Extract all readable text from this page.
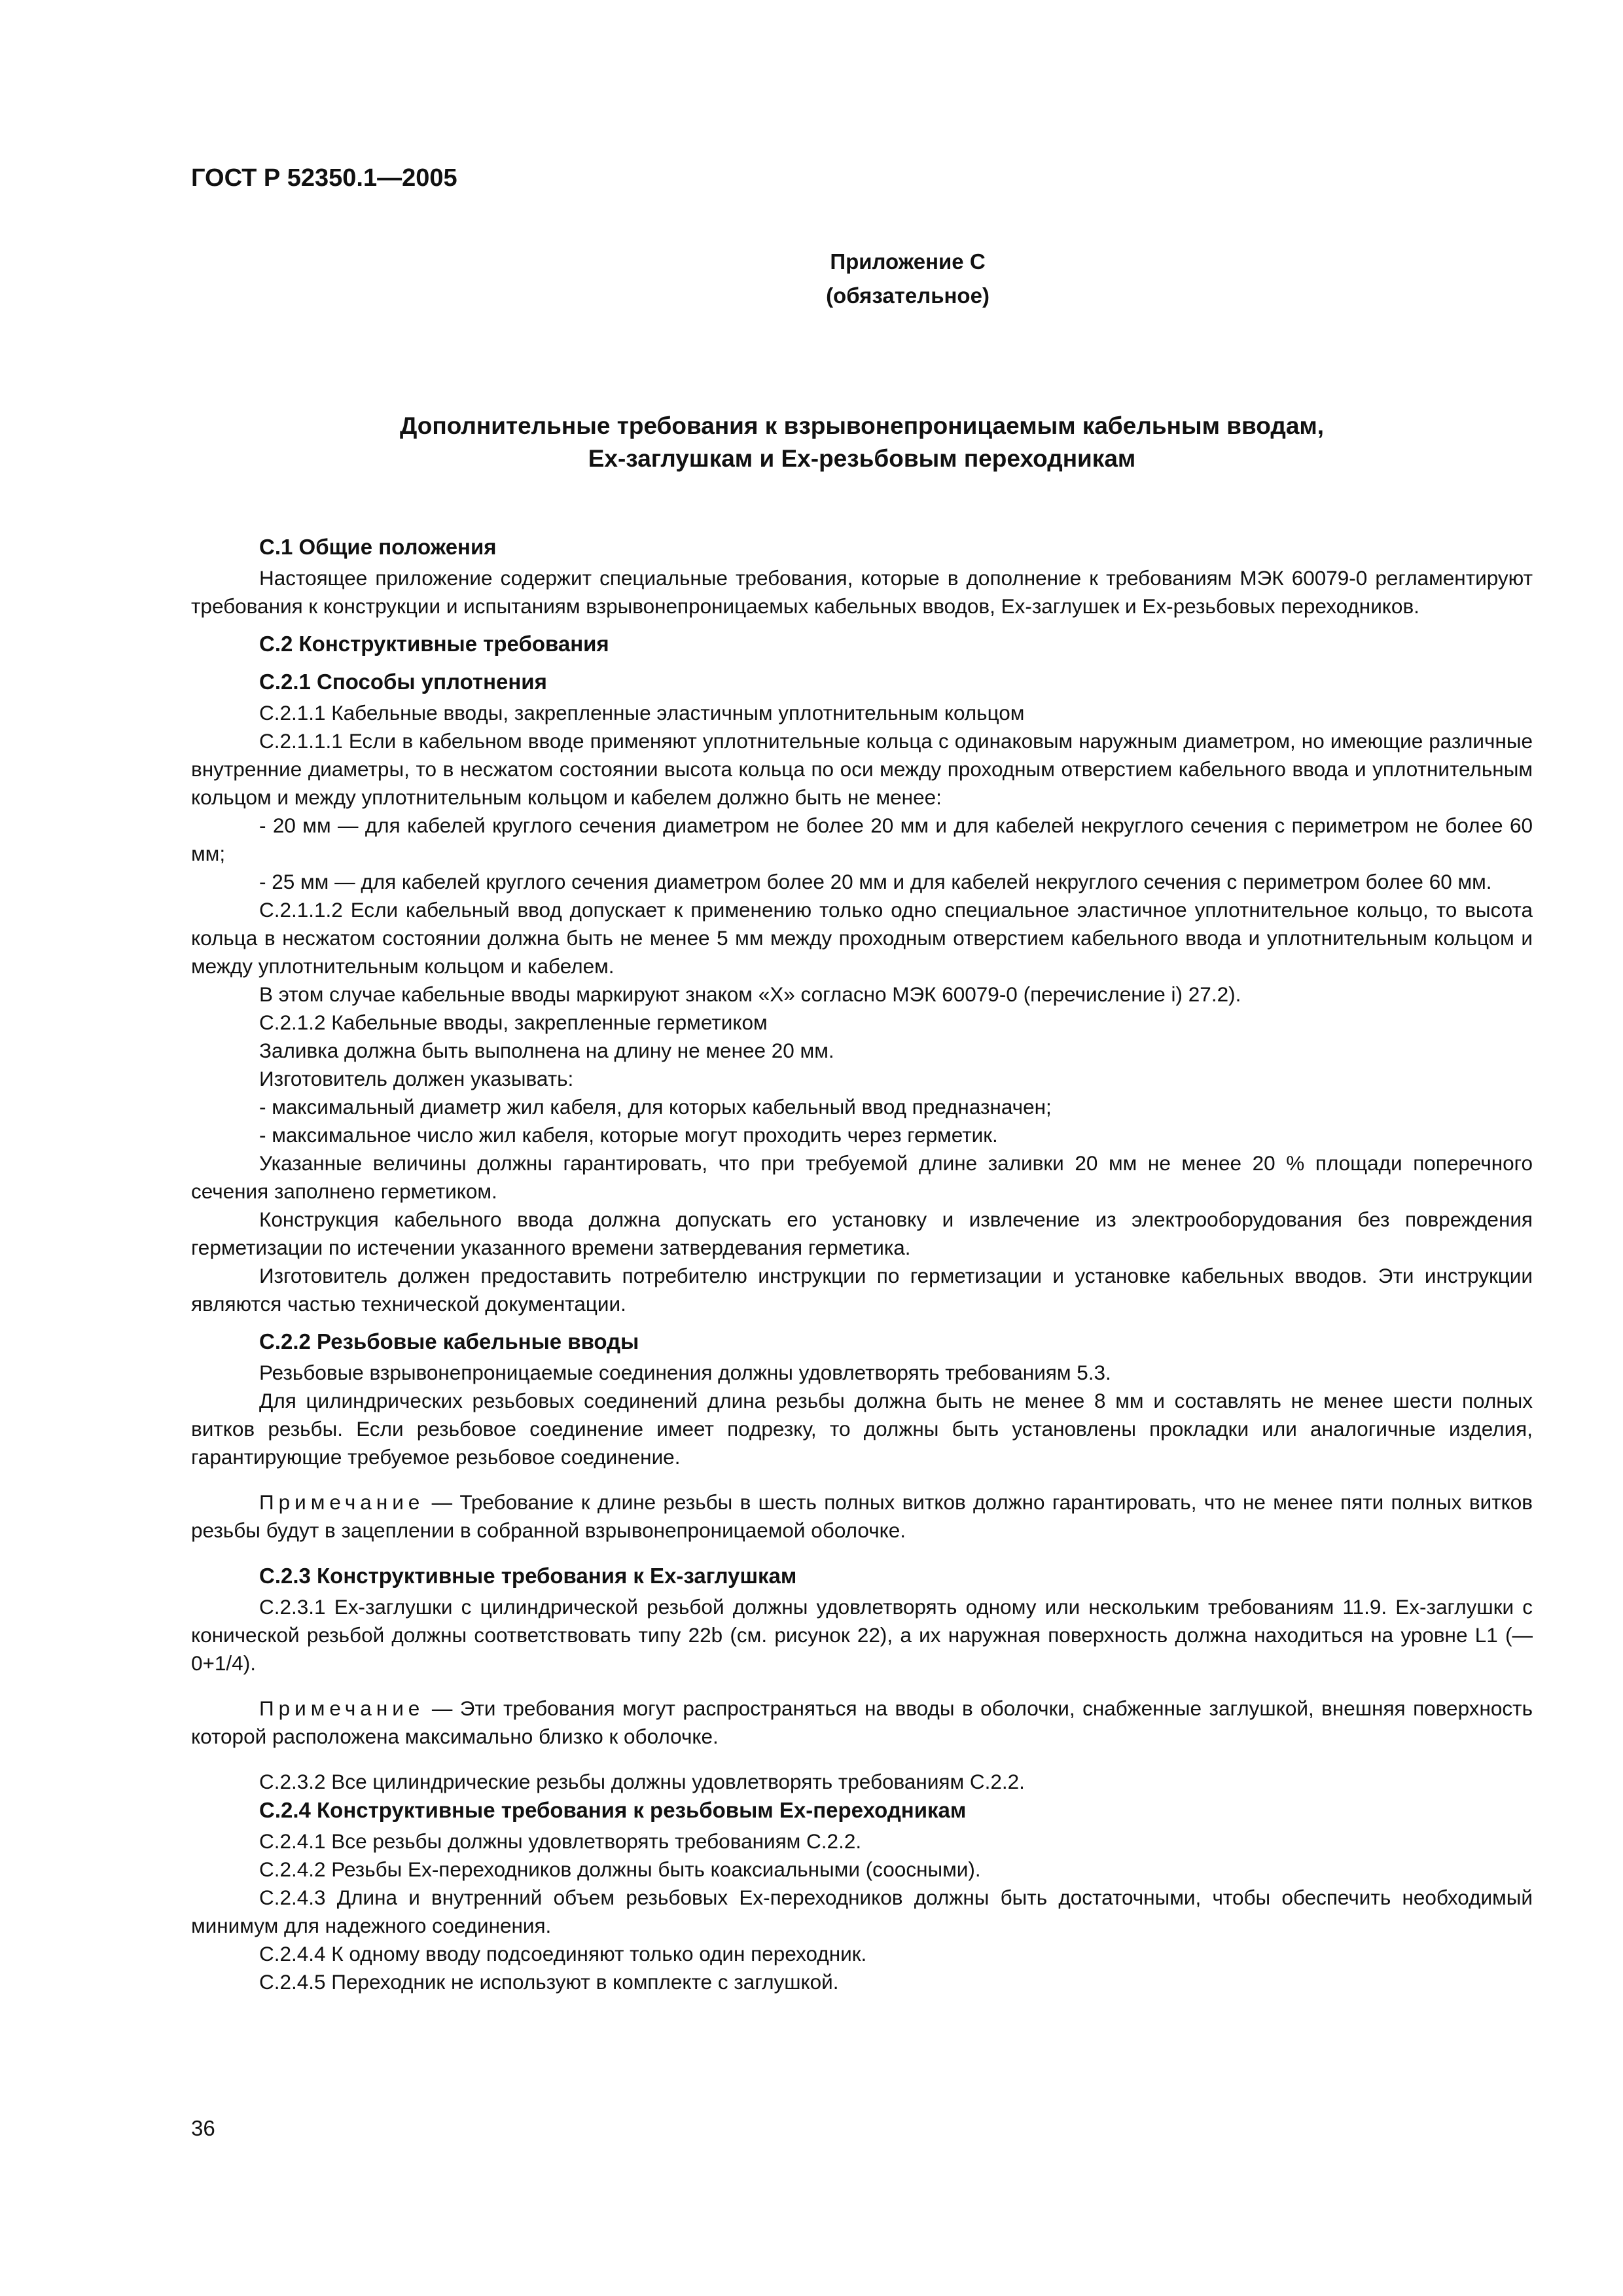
ГОСТ Р 52350.1—2005
Приложение С
(обязательное)
Дополнительные требования к взрывонепроницаемым кабельным вводам,
Ex-заглушкам и Ex-резьбовым переходникам
С.1 Общие положения

Настоящее приложение содержит специальные требования, которые в дополнение к требованиям МЭК 60079-0 регламентируют требования к конструкции и испытаниям взрывонепроницаемых кабельных вводов, Ex-заглушек и Ex-резьбовых переходников.

С.2 Конструктивные требования
С.2.1 Способы уплотнения

С.2.1.1 Кабельные вводы, закрепленные эластичным уплотнительным кольцом

С.2.1.1.1 Если в кабельном вводе применяют уплотнительные кольца с одинаковым наружным диаметром, но имеющие различные внутренние диаметры, то в несжатом состоянии высота кольца по оси между проходным отверстием кабельного ввода и уплотнительным кольцом и между уплотнительным кольцом и кабелем должно быть не менее:

- 20 мм — для кабелей круглого сечения диаметром не более 20 мм и для кабелей некруглого сечения с периметром не более 60 мм;

- 25 мм — для кабелей круглого сечения диаметром более 20 мм и для кабелей некруглого сечения с периметром более 60 мм.

С.2.1.1.2 Если кабельный ввод допускает к применению только одно специальное эластичное уплотнительное кольцо, то высота кольца в несжатом состоянии должна быть не менее 5 мм между проходным отверстием кабельного ввода и уплотнительным кольцом и между уплотнительным кольцом и кабелем.

В этом случае кабельные вводы маркируют знаком «X» согласно МЭК 60079-0 (перечисление i) 27.2).

С.2.1.2 Кабельные вводы, закрепленные герметиком

Заливка должна быть выполнена на длину не менее 20 мм.

Изготовитель должен указывать:

- максимальный диаметр жил кабеля, для которых кабельный ввод предназначен;

- максимальное число жил кабеля, которые могут проходить через герметик.

Указанные величины должны гарантировать, что при требуемой длине заливки 20 мм не менее 20 % площади поперечного сечения заполнено герметиком.

Конструкция кабельного ввода должна допускать его установку и извлечение из электрооборудования без повреждения герметизации по истечении указанного времени затвердевания герметика.

Изготовитель должен предоставить потребителю инструкции по герметизации и установке кабельных вводов. Эти инструкции являются частью технической документации.

С.2.2 Резьбовые кабельные вводы

Резьбовые взрывонепроницаемые соединения должны удовлетворять требованиям 5.3.

Для цилиндрических резьбовых соединений длина резьбы должна быть не менее 8 мм и составлять не менее шести полных витков резьбы. Если резьбовое соединение имеет подрезку, то должны быть установлены прокладки или аналогичные изделия, гарантирующие требуемое резьбовое соединение.

Примечание — Требование к длине резьбы в шесть полных витков должно гарантировать, что не менее пяти полных витков резьбы будут в зацеплении в собранной взрывонепроницаемой оболочке.

С.2.3 Конструктивные требования к Ex-заглушкам

С.2.3.1 Ex-заглушки с цилиндрической резьбой должны удовлетворять одному или нескольким требованиям 11.9. Ex-заглушки с конической резьбой должны соответствовать типу 22b (см. рисунок 22), а их наружная поверхность должна находиться на уровне L1 (—0+1/4).

Примечание — Эти требования могут распространяться на вводы в оболочки, снабженные заглушкой, внешняя поверхность которой расположена максимально близко к оболочке.

С.2.3.2 Все цилиндрические резьбы должны удовлетворять требованиям С.2.2.

С.2.4 Конструктивные требования к резьбовым Ex-переходникам

С.2.4.1 Все резьбы должны удовлетворять требованиям С.2.2.

С.2.4.2 Резьбы Ex-переходников должны быть коаксиальными (соосными).

С.2.4.3 Длина и внутренний объем резьбовых Ex-переходников должны быть достаточными, чтобы обеспечить необходимый минимум для надежного соединения.

С.2.4.4 К одному вводу подсоединяют только один переходник.

С.2.4.5 Переходник не используют в комплекте с заглушкой.

36
